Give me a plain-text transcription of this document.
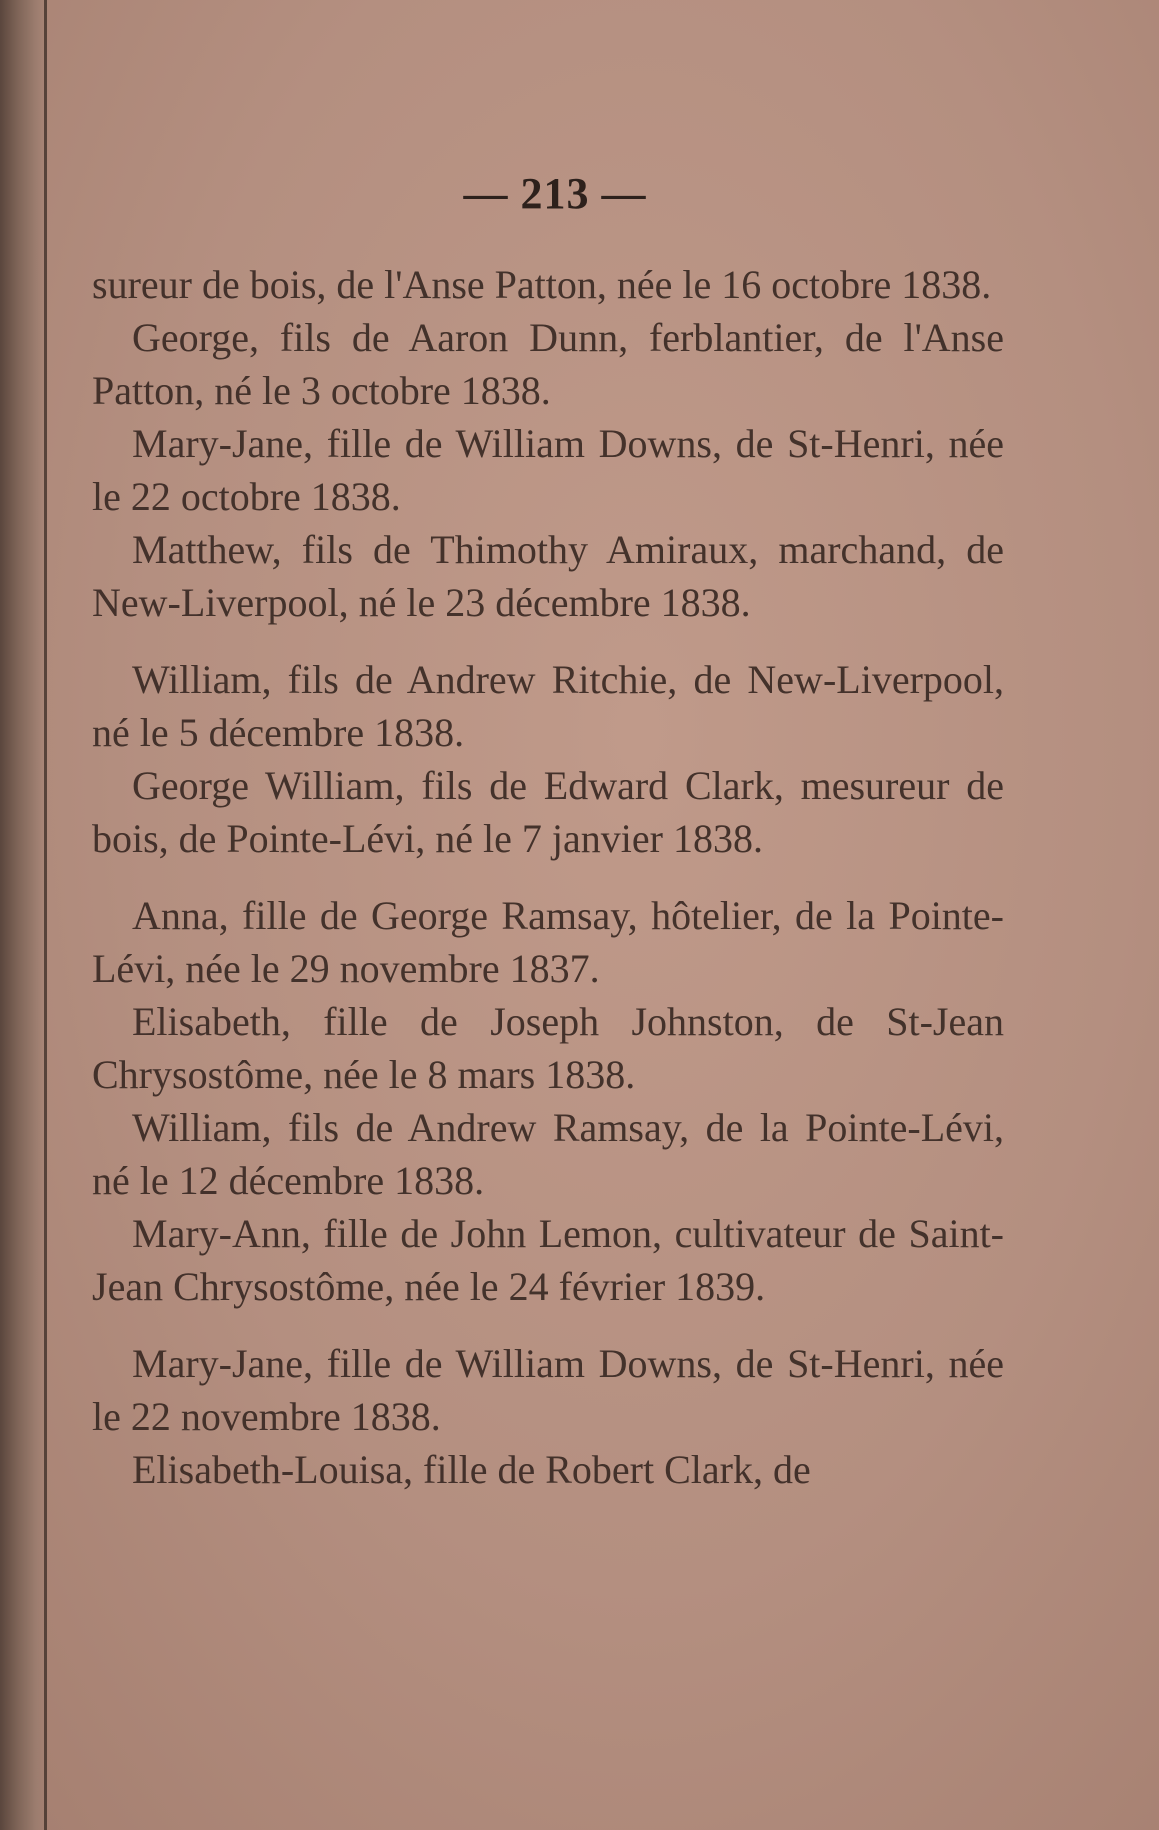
— 213 —

sureur de bois, de l'Anse Patton, née le 16 octobre 1838.

George, fils de Aaron Dunn, ferblantier, de l'Anse Patton, né le 3 octobre 1838.

Mary-Jane, fille de William Downs, de St-Henri, née le 22 octobre 1838.

Matthew, fils de Thimothy Amiraux, marchand, de New-Liverpool, né le 23 décembre 1838.

William, fils de Andrew Ritchie, de New-Liverpool, né le 5 décembre 1838.

George William, fils de Edward Clark, mesureur de bois, de Pointe-Lévi, né le 7 janvier 1838.

Anna, fille de George Ramsay, hôtelier, de la Pointe-Lévi, née le 29 novembre 1837.

Elisabeth, fille de Joseph Johnston, de St-Jean Chrysostôme, née le 8 mars 1838.

William, fils de Andrew Ramsay, de la Pointe-Lévi, né le 12 décembre 1838.

Mary-Ann, fille de John Lemon, cultivateur de Saint-Jean Chrysostôme, née le 24 février 1839.

Mary-Jane, fille de William Downs, de St-Henri, née le 22 novembre 1838.

Elisabeth-Louisa, fille de Robert Clark, de
